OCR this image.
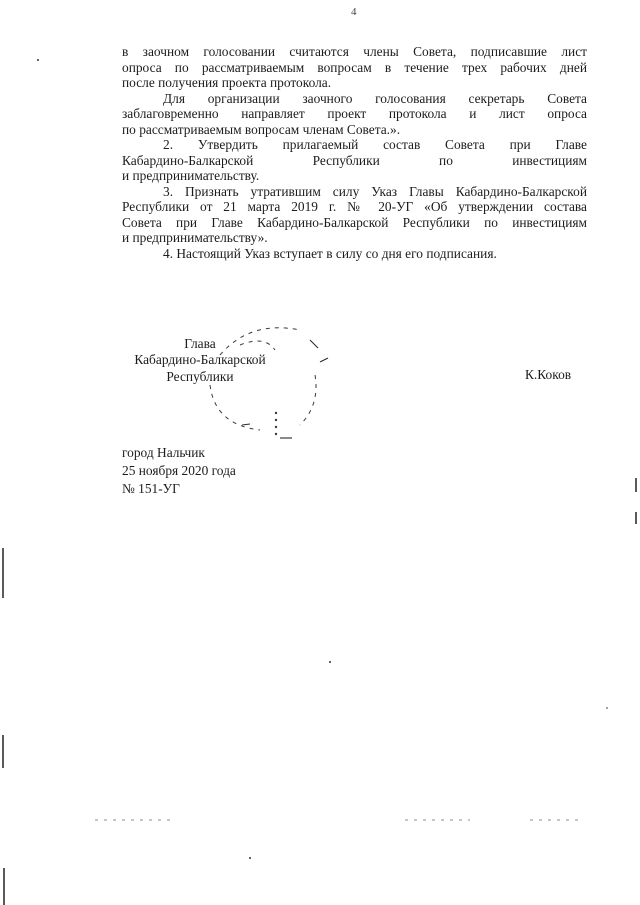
4

в заочном голосовании считаются члены Совета, подписавшие лист
опроса по рассматриваемым вопросам в течение трех рабочих дней
после получения проекта протокола.

Для организации заочного голосования секретарь Совета
заблаговременно направляет проект протокола и лист опроса
по рассматриваемым вопросам членам Совета.».

2. Утвердить прилагаемый состав Совета при Главе
Кабардино-Балкарской Республики по инвестициям
и предпринимательству.

3. Признать утратившим силу Указ Главы Кабардино-Балкарской
Республики от 21 марта 2019 г. № 20-УГ «Об утверждении состава
Совета при Главе Кабардино-Балкарской Республики по инвестициям
и предпринимательству».

4. Настоящий Указ вступает в силу со дня его подписания.

Глава
Кабардино-Балкарской
Республики	К.Коков
город Нальчик
25 ноября 2020 года
№ 151-УГ
